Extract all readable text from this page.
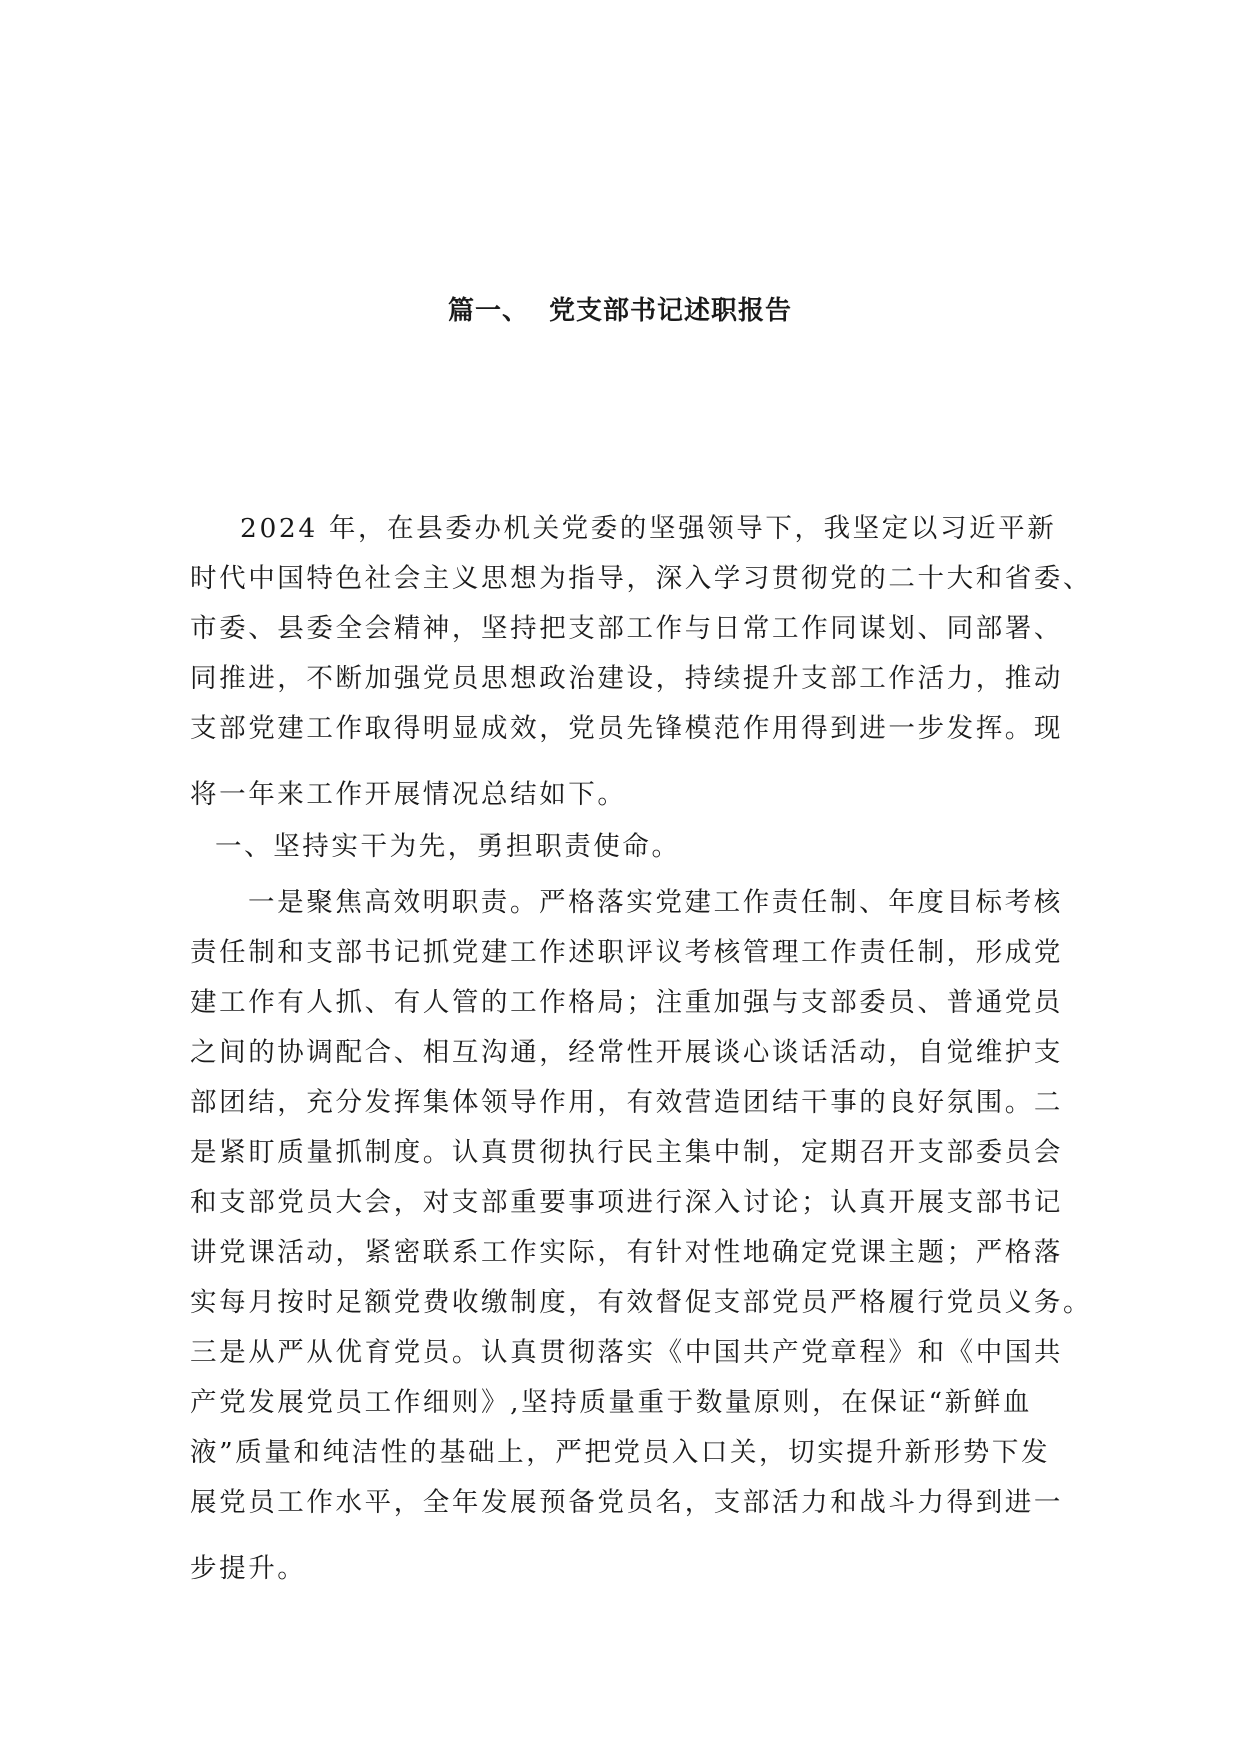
篇一、  党支部书记述职报告
2024 年，在县委办机关党委的坚强领导下，我坚定以习近平新
时代中国特色社会主义思想为指导，深入学习贯彻党的二十大和省委、
市委、县委全会精神，坚持把支部工作与日常工作同谋划、同部署、
同推进，不断加强党员思想政治建设，持续提升支部工作活力，推动
支部党建工作取得明显成效，党员先锋模范作用得到进一步发挥。现
将一年来工作开展情况总结如下。
一、坚持实干为先，勇担职责使命。
一是聚焦高效明职责。严格落实党建工作责任制、年度目标考核
责任制和支部书记抓党建工作述职评议考核管理工作责任制，形成党
建工作有人抓、有人管的工作格局；注重加强与支部委员、普通党员
之间的协调配合、相互沟通，经常性开展谈心谈话活动，自觉维护支
部团结，充分发挥集体领导作用，有效营造团结干事的良好氛围。二
是紧盯质量抓制度。认真贯彻执行民主集中制，定期召开支部委员会
和支部党员大会，对支部重要事项进行深入讨论；认真开展支部书记
讲党课活动，紧密联系工作实际，有针对性地确定党课主题；严格落
实每月按时足额党费收缴制度，有效督促支部党员严格履行党员义务。
三是从严从优育党员。认真贯彻落实《中国共产党章程》和《中国共
产党发展党员工作细则》,坚持质量重于数量原则，在保证“新鲜血
液”质量和纯洁性的基础上，严把党员入口关，切实提升新形势下发
展党员工作水平，全年发展预备党员名，支部活力和战斗力得到进一
步提升。
